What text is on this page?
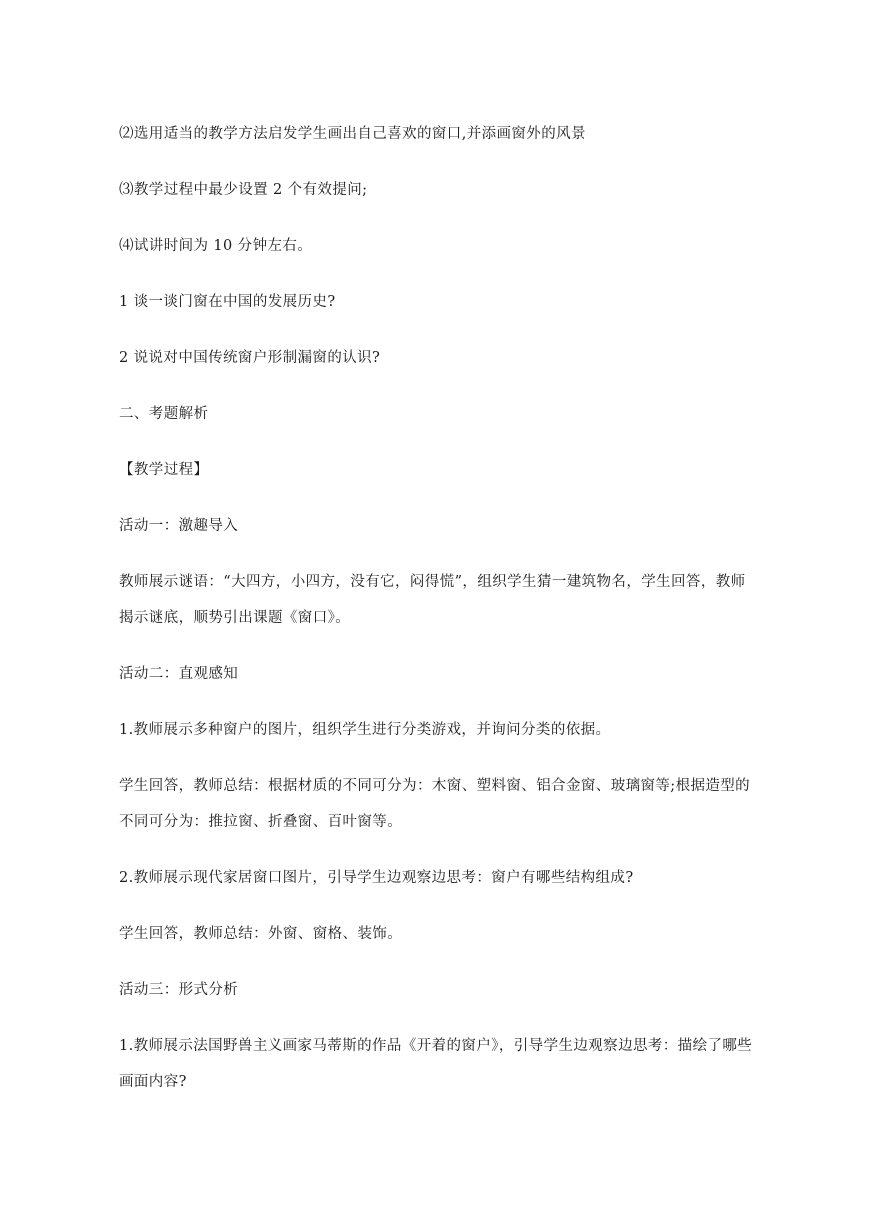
⑵选用适当的教学方法启发学生画出自己喜欢的窗口,并添画窗外的风景

⑶教学过程中最少设置 2 个有效提问;

⑷试讲时间为 10 分钟左右。

1 谈一谈门窗在中国的发展历史?

2 说说对中国传统窗户形制漏窗的认识?

二、考题解析

【教学过程】

活动一：激趣导入

教师展示谜语：“大四方，小四方，没有它，闷得慌”，组织学生猜一建筑物名，学生回答，教师揭示谜底，顺势引出课题《窗口》。

活动二：直观感知

1.教师展示多种窗户的图片，组织学生进行分类游戏，并询问分类的依据。

学生回答，教师总结：根据材质的不同可分为：木窗、塑料窗、铝合金窗、玻璃窗等;根据造型的不同可分为：推拉窗、折叠窗、百叶窗等。

2.教师展示现代家居窗口图片，引导学生边观察边思考：窗户有哪些结构组成?

学生回答，教师总结：外窗、窗格、装饰。

活动三：形式分析

1.教师展示法国野兽主义画家马蒂斯的作品《开着的窗户》，引导学生边观察边思考：描绘了哪些画面内容?
